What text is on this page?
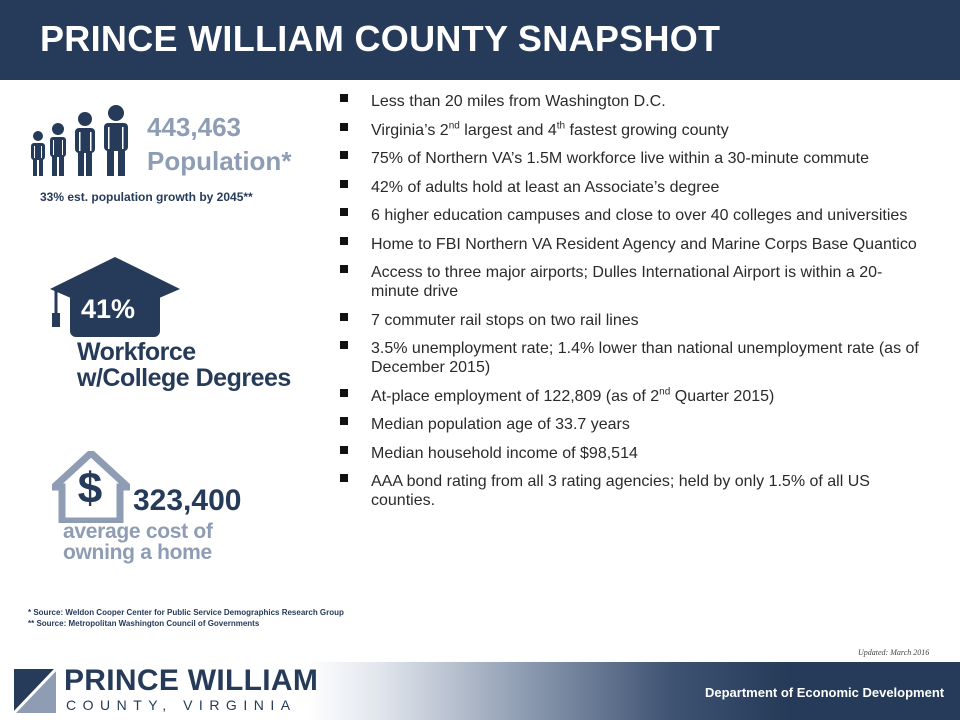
PRINCE WILLIAM COUNTY SNAPSHOT
443,463
Population*
33% est. population growth by 2045**
41%
Workforce
w/College Degrees
$	323,400
average cost of
owning a home
* Source: Weldon Cooper Center for Public Service Demographics Research Group
** Source: Metropolitan Washington Council of Governments
Less than 20 miles from Washington D.C.
Virginia’s 2nd largest and 4th fastest growing county
75% of Northern VA’s 1.5M workforce live within a 30-minute commute
42% of adults hold at least an Associate’s degree
6 higher education campuses and close to over 40 colleges and universities
Home to FBI Northern VA Resident Agency and Marine Corps Base Quantico
Access to three major airports; Dulles International Airport is within a 20-minute drive
7 commuter rail stops on two rail lines
3.5% unemployment rate; 1.4% lower than national unemployment rate (as of December 2015)
At-place employment of 122,809 (as of 2nd Quarter 2015)
Median population age of 33.7 years
Median household income of $98,514
AAA bond rating from all 3 rating agencies; held by only 1.5% of all US counties.
Updated: March 2016
PRINCE WILLIAM
COUNTY, VIRGINIA
Department of Economic Development
